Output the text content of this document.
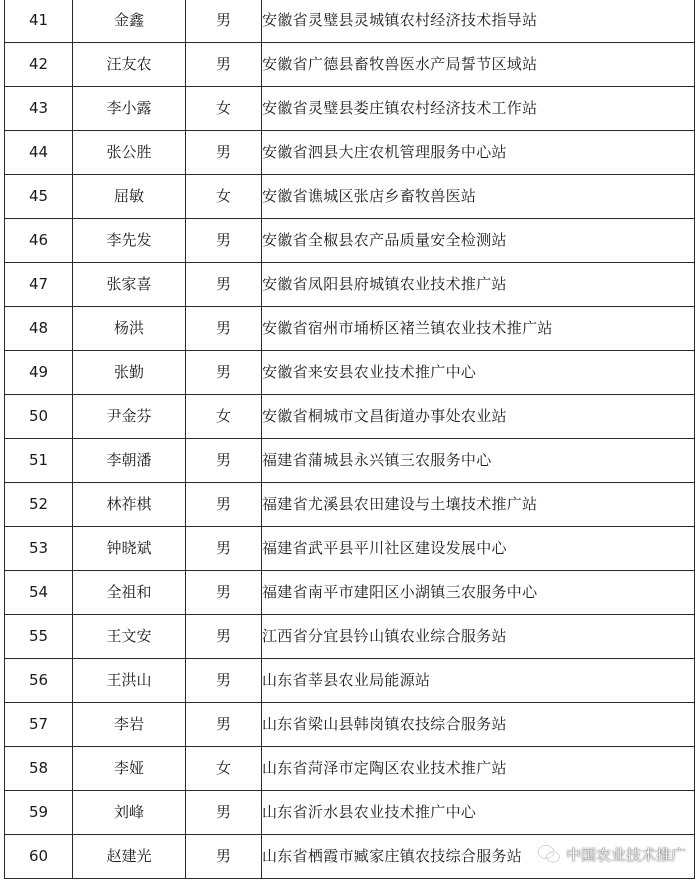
41	金鑫	男	安徽省灵璧县灵城镇农村经济技术指导站
42	汪友农	男	安徽省广德县畜牧兽医水产局誓节区域站
43	李小露	女	安徽省灵璧县娄庄镇农村经济技术工作站
44	张公胜	男	安徽省泗县大庄农机管理服务中心站
45	屈敏	女	安徽省谯城区张店乡畜牧兽医站
46	李先发	男	安徽省全椒县农产品质量安全检测站
47	张家喜	男	安徽省凤阳县府城镇农业技术推广站
48	杨洪	男	安徽省宿州市埇桥区褚兰镇农业技术推广站
49	张勤	男	安徽省来安县农业技术推广中心
50	尹金芬	女	安徽省桐城市文昌街道办事处农业站
51	李朝潘	男	福建省蒲城县永兴镇三农服务中心
52	林祚棋	男	福建省尤溪县农田建设与土壤技术推广站
53	钟晓斌	男	福建省武平县平川社区建设发展中心
54	全祖和	男	福建省南平市建阳区小湖镇三农服务中心
55	王文安	男	江西省分宜县钤山镇农业综合服务站
56	王洪山	男	山东省莘县农业局能源站
57	李岩	男	山东省梁山县韩岗镇农技综合服务站
58	李娅	女	山东省菏泽市定陶区农业技术推广站
59	刘峰	男	山东省沂水县农业技术推广中心
60	赵建光	男	山东省栖霞市臧家庄镇农技综合服务站	中国农业技术推广
